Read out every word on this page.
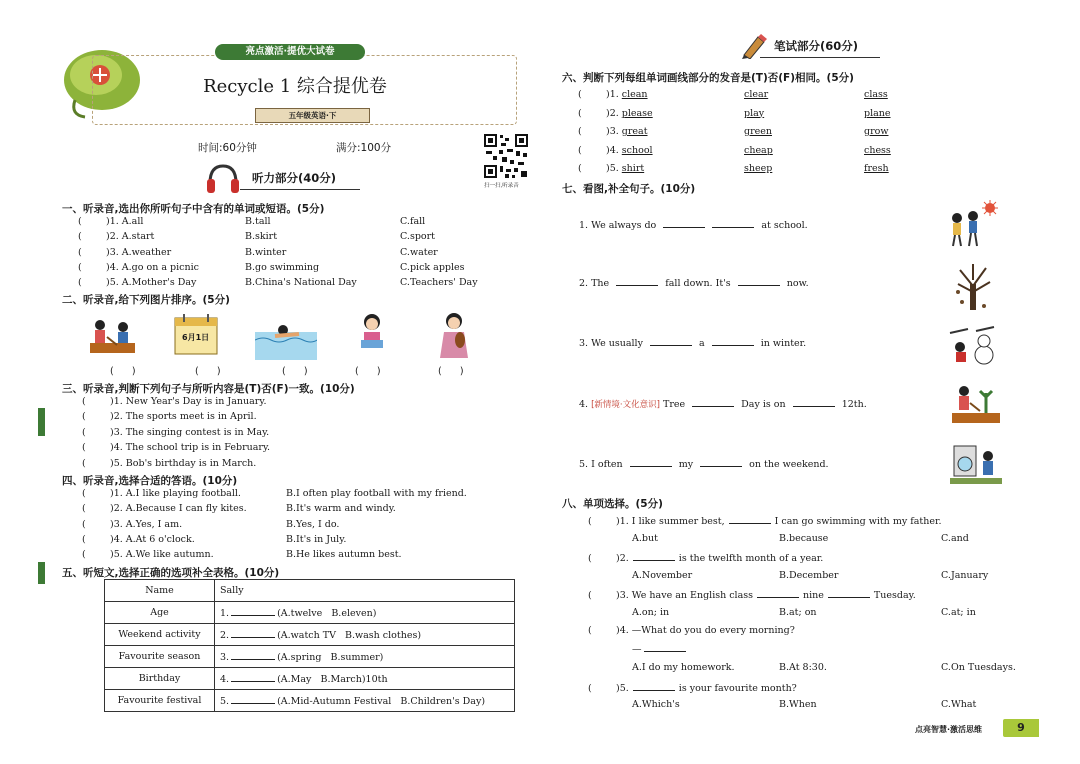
亮点激活·提优大试卷
Recycle 1 综合提优卷
五年级英语·下
时间:60分钟	满分:100分
扫一扫,听录音
听力部分(40分)
一、听录音,选出你所听句子中含有的单词或短语。(5分)
(	)1. A.all	B.tall	C.fall
(	)2. A.start	B.skirt	C.sport
(	)3. A.weather	B.winter	C.water
(	)4. A.go on a picnic	B.go swimming	C.pick apples
(	)5. A.Mother's Day	B.China's National Day	C.Teachers' Day
二、听录音,给下列图片排序。(5分)
6月1日
(      )	(      )	(      )	(      )	(      )
三、听录音,判断下列句子与所听内容是(T)否(F)一致。(10分)
(	)1. New Year's Day is in January.
(	)2. The sports meet is in April.
(	)3. The singing contest is in May.
(	)4. The school trip is in February.
(	)5. Bob's birthday is in March.
四、听录音,选择合适的答语。(10分)
(	)1. A.I like playing football.	B.I often play football with my friend.
(	)2. A.Because I can fly kites.	B.It's warm and windy.
(	)3. A.Yes, I am.	B.Yes, I do.
(	)4. A.At 6 o'clock.	B.It's in July.
(	)5. A.We like autumn.	B.He likes autumn best.
五、听短文,选择正确的选项补全表格。(10分)
Name	Sally
Age	1. (A.twelve   B.eleven)
Weekend activity	2. (A.watch TV   B.wash clothes)
Favourite season	3. (A.spring   B.summer)
Birthday	4. (A.May   B.March)10th
Favourite festival	5. (A.Mid-Autumn Festival   B.Children's Day)
笔试部分(60分)
六、判断下列每组单词画线部分的发音是(T)否(F)相同。(5分)
(	)1. clean	clear	class
(	)2. please	play	plane
(	)3. great	green	grow
(	)4. school	cheap	chess
(	)5. shirt	sheep	fresh
七、看图,补全句子。(10分)
1. We always do	at school.
2. The	fall down. It's	now.
3. We usually	a	in winter.
4. [新情境·文化意识] Tree	Day is on	12th.
5. I often	my	on the weekend.
八、单项选择。(5分)
(	)1. I like summer best,	I can go swimming with my father.
A.but	B.because	C.and
(	)2.	is the twelfth month of a year.
A.November	B.December	C.January
(	)3. We have an English class	nine	Tuesday.
A.on; in	B.at; on	C.at; in
(	)4. —What do you do every morning?
—
A.I do my homework.	B.At 8:30.	C.On Tuesdays.
(	)5.	is your favourite month?
A.Which's	B.When	C.What
点亮智慧·激活思维	9
